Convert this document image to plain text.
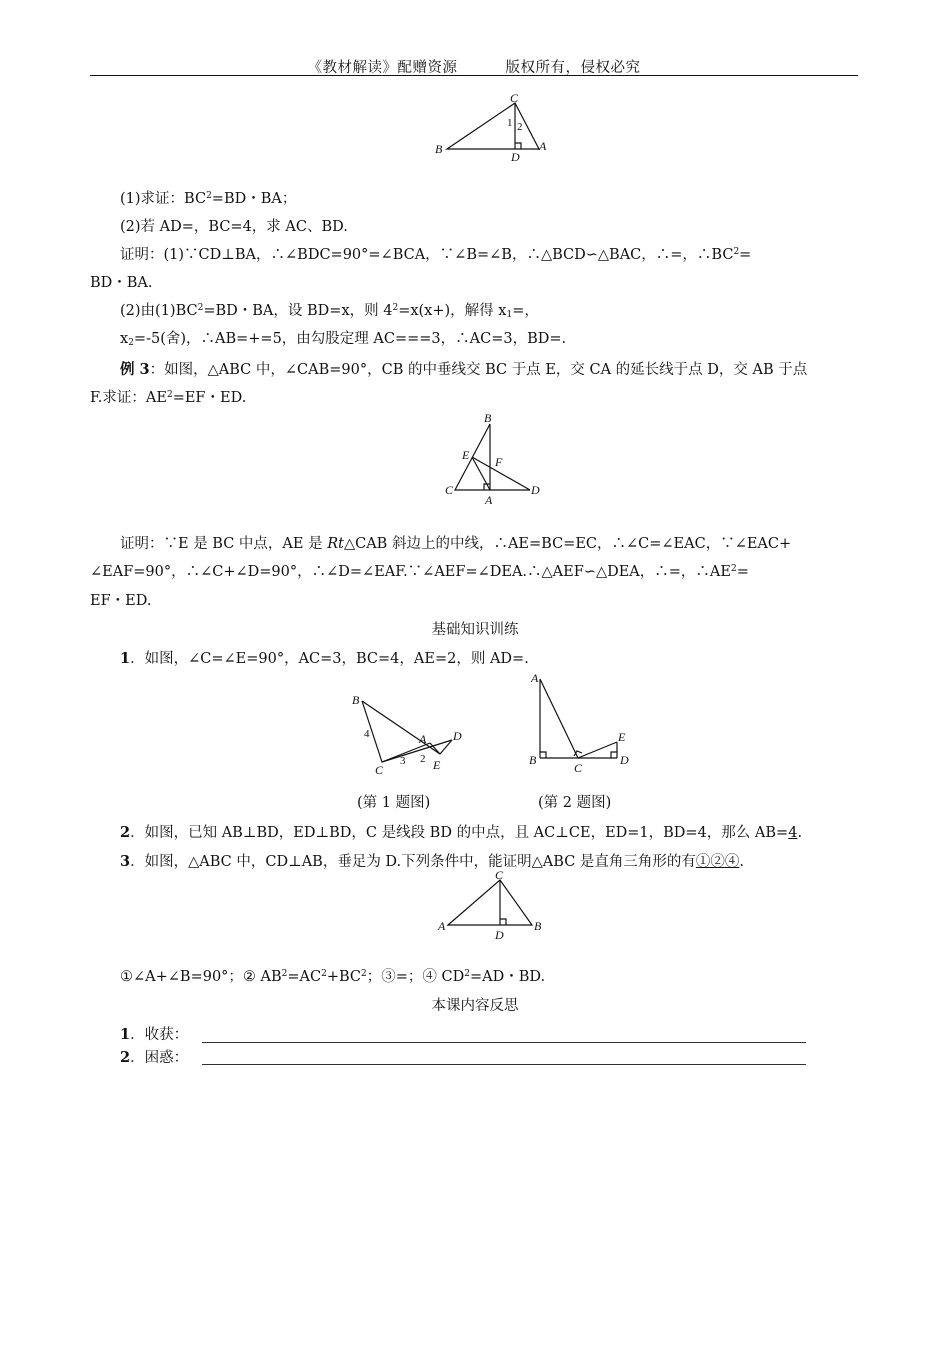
《教材解读》配赠资源	版权所有，侵权必究
C
B
D
A
1 2
(1)求证：$BC^2=BD$・BA；
(2)若 AD=，BC=4，求 AC、BD.
证明：(1)∵CD⊥BA，∴∠BDC=90°=∠BCA，∵∠B=∠B，∴△BCD∽△BAC，∴=，$\therefore BC^2=$
BD・BA.
(2)由$(1)BC^2=BD$・BA，设 BD=x，则 $4^2=x(x+)$，解得 $x_1=$，
$x_2=-5$(舍)，∴AB=+=5，由勾股定理 AC===3，∴AC=3，BD=.
例 3：如图，△ABC 中，∠CAB=90°，CB 的中垂线交 BC 于点 E，交 CA 的延长线于点 D，交 AB 于点
F.求证：$AE^2=EF$・ED.
B
E F
C
A
D
证明：∵E 是 BC 中点，AE 是 Rt△CAB 斜边上的中线，∴AE=BC=EC，∴∠C=∠EAC，∵∠EAC+
∠EAF=90°，∴∠C+∠D=90°，∴∠D=∠EAF.∵∠AEF=∠DEA.∴△AEF∽△DEA，∴=，$\therefore AE^2=$
EF・ED.
基础知识训练
1．如图，∠C=∠E=90°，AC=3，BC=4，AE=2，则 AD=.
B
4	A D
C
3 2 E
A
E
B
C
D
(第 1 题图)	(第 2 题图)
2．如图，已知 AB⊥BD，ED⊥BD，C 是线段 BD 的中点，且 AC⊥CE，ED=1，BD=4，那么 AB=4.
3．如图，△ABC 中，CD⊥AB，垂足为 D.下列条件中，能证明△ABC 是直角三角形的有①②④.
C
A
D
B
①∠A+∠B=90°；② $AB^2=AC^2+BC^2$；③=；④ $CD^2=AD$・BD.
本课内容反思
1．收获：
2．困惑：
